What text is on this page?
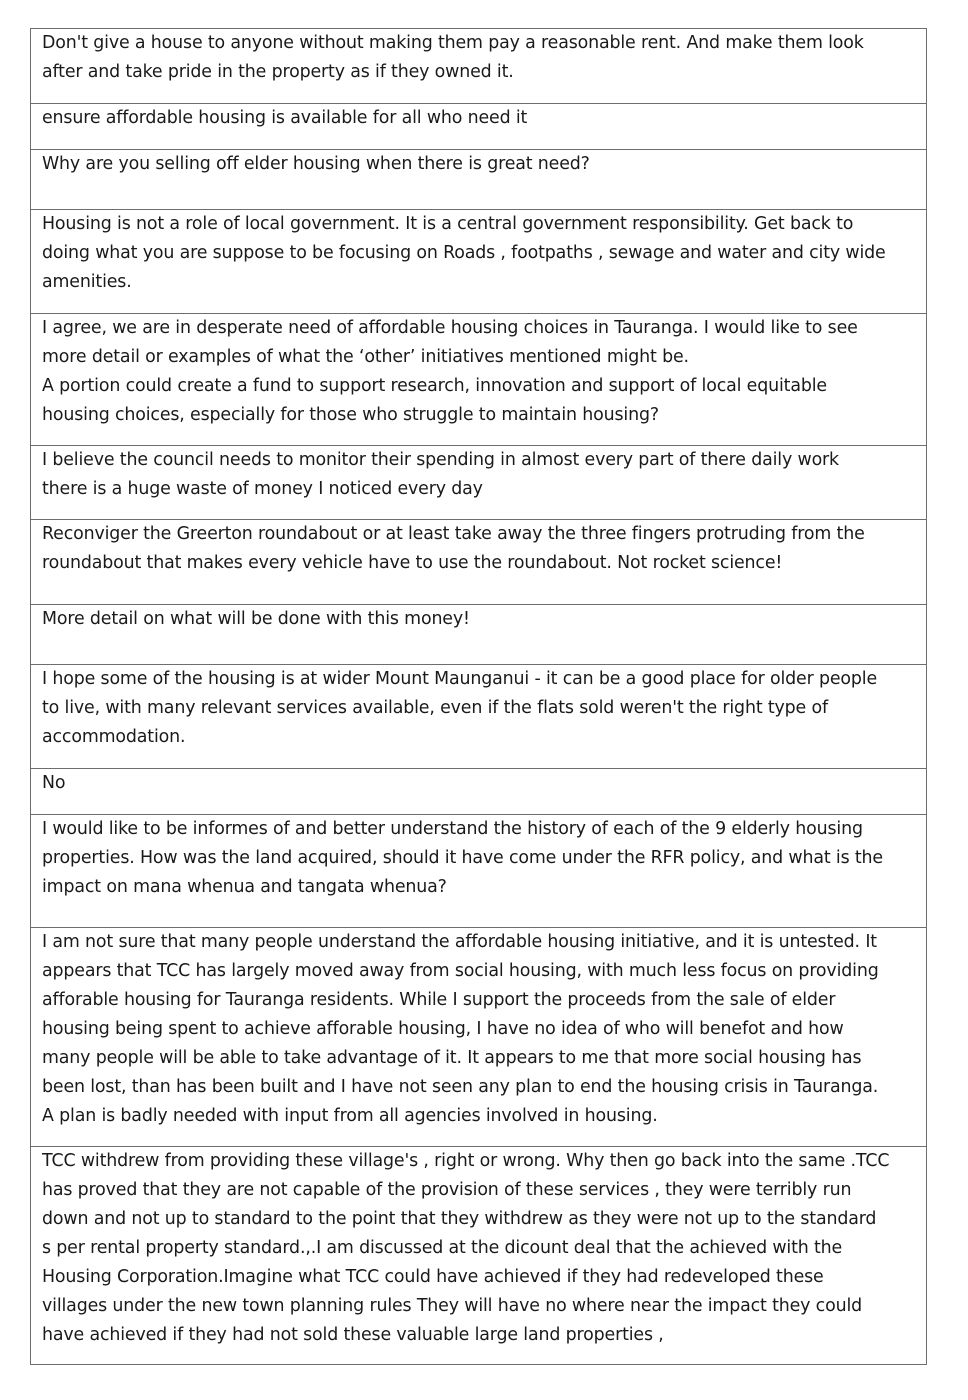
Don't give a house to anyone without making them pay a reasonable rent. And make them look
after and take pride in the property as if they owned it.

ensure affordable housing is available for all who need it

Why are you selling off elder housing when there is great need?

Housing is not a role of local government. It is a central government responsibility. Get back to
doing what you are suppose to be focusing on Roads , footpaths , sewage and water and city wide
amenities.

I agree, we are in desperate need of affordable housing choices in Tauranga. I would like to see
more detail or examples of what the ‘other’ initiatives mentioned might be.
A portion could create a fund to support research, innovation and support of local equitable
housing choices, especially for those who struggle to maintain housing?

I believe the council needs to monitor their spending in almost every part of there daily work
there is a huge waste of money I noticed every day

Reconviger the Greerton roundabout or at least take away the three fingers protruding from the
roundabout that makes every vehicle have to use the roundabout. Not rocket science!

More detail on what will be done with this money!

I hope some of the housing is at wider Mount Maunganui - it can be a good place for older people
to live, with many relevant services available, even if the flats sold weren't the right type of
accommodation.

No

I would like to be informes of and better understand the history of each of the 9 elderly housing
properties. How was the land acquired, should it have come under the RFR policy, and what is the
impact on mana whenua and tangata whenua?

I am not sure that many people understand the affordable housing initiative, and it is untested. It
appears that TCC has largely moved away from social housing, with much less focus on providing
afforable housing for Tauranga residents. While I support the proceeds from the sale of elder
housing being spent to achieve afforable housing, I have no idea of who will benefot and how
many people will be able to take advantage of it. It appears to me that more social housing has
been lost, than has been built and I have not seen any plan to end the housing crisis in Tauranga.
A plan is badly needed with input from all agencies involved in housing.

TCC withdrew from providing these village's , right or wrong. Why then go back into the same .TCC
has proved that they are not capable of the provision of these services , they were terribly run
down and not up to standard to the point that they withdrew as they were not up to the standard
s per rental property standard.,.I am discussed at the dicount deal that the achieved with the
Housing Corporation.Imagine what TCC could have achieved if they had redeveloped these
villages under the new town planning rules They will have no where near the impact they could
have achieved if they had not sold these valuable large land properties ,
